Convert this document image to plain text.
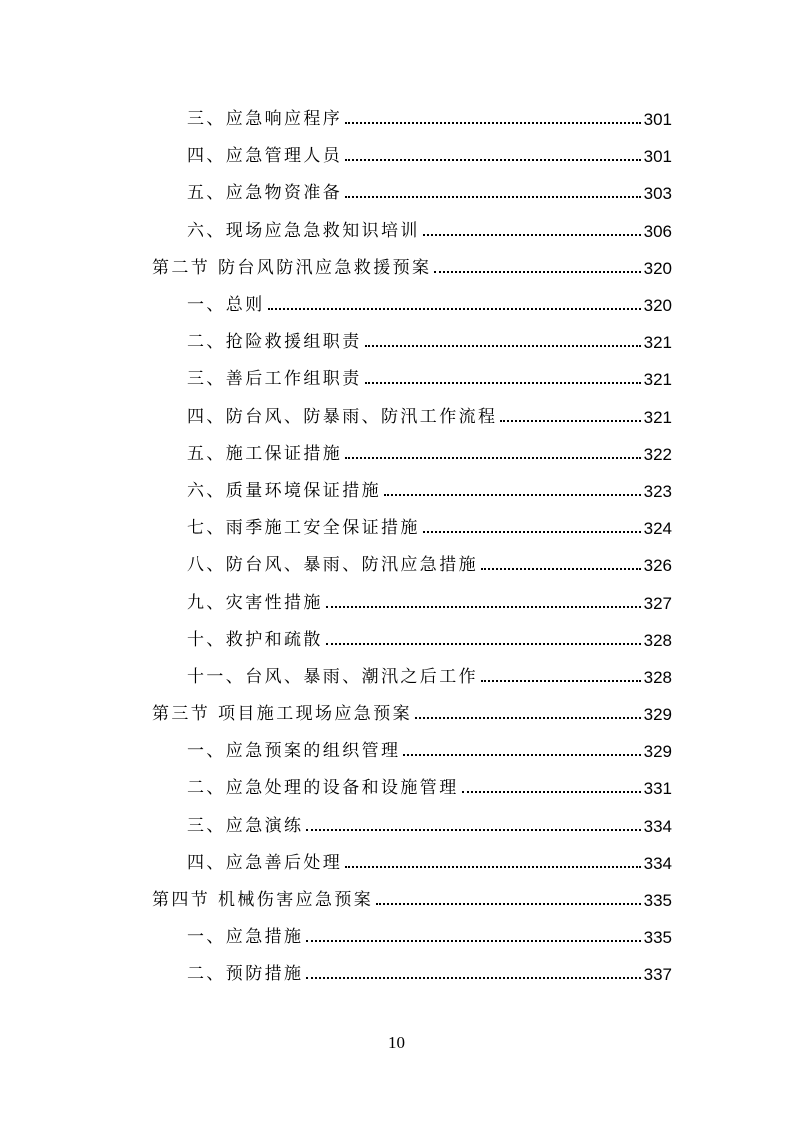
三、应急响应程序	301
四、应急管理人员	301
五、应急物资准备	303
六、现场应急急救知识培训	306
第二节 防台风防汛应急救援预案	320
一、总则	320
二、抢险救援组职责	321
三、善后工作组职责	321
四、防台风、防暴雨、防汛工作流程	321
五、施工保证措施	322
六、质量环境保证措施	323
七、雨季施工安全保证措施	324
八、防台风、暴雨、防汛应急措施	326
九、灾害性措施	327
十、救护和疏散	328
十一、台风、暴雨、潮汛之后工作	328
第三节 项目施工现场应急预案	329
一、应急预案的组织管理	329
二、应急处理的设备和设施管理	331
三、应急演练	334
四、应急善后处理	334
第四节 机械伤害应急预案	335
一、应急措施	335
二、预防措施	337
10
